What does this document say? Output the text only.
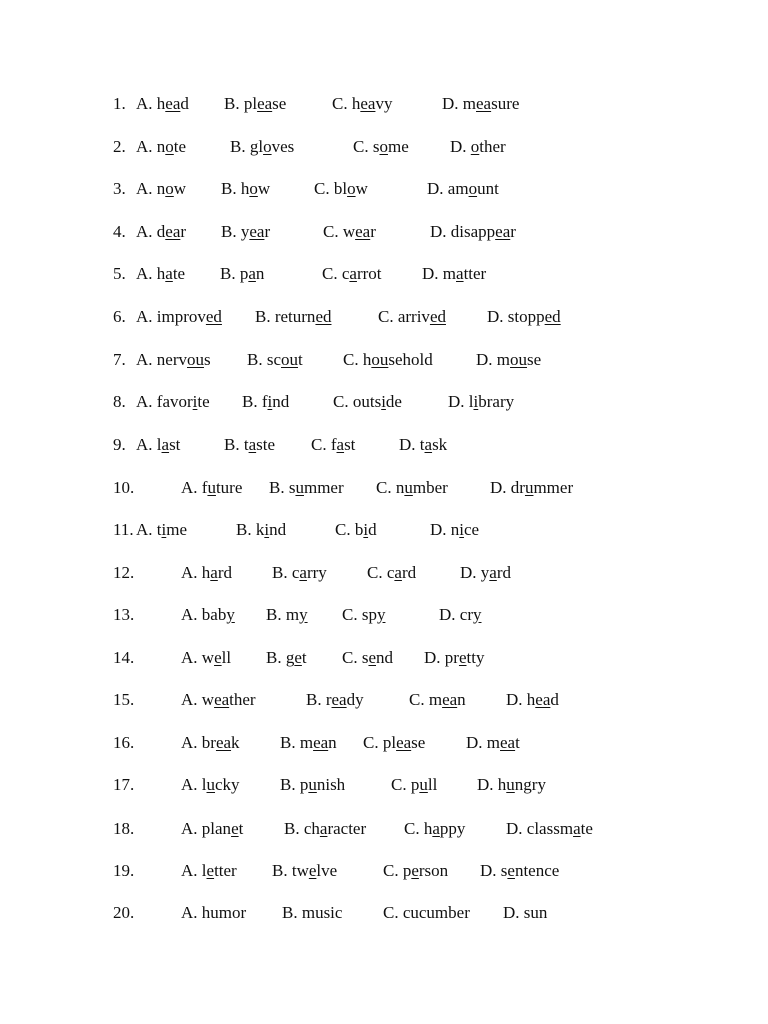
1. A. head B. please	C. heavy	D. measure
2. A. note	B. gloves	C. some D. other
3. A. now B. how	C. blow	D. amount
4. A. dear B. year	C. wear	D. disappear
5. A. hate B. pan	C. carrot D. matter
6. A. improved B. returned	C. arrived D. stopped
7. A. nervous B. scout C. household	D. mouse
8. A. favorite B. find	C. outside	D. library
9. A. last	B. taste C. fast	D. task
10.	A. future B. summer C. number D. drummer
11. A. time	B. kind	C. bid	D. nice
12.	A. hard B. carry C. card	D. yard
13.	A. baby B. my C. spy	D. cry
14.	A. well B. get C. send D. pretty
15.	A. weather	B. ready	C. mean D. head
16.	A. break B. mean C. please D. meat
17.	A. lucky B. punish	C. pull D. hungry
18.	A. planet B. character C. happy D. classmate
19.	A. letter B. twelve	C. person D. sentence
20.	A. humor B. music C. cucumber D. sun
